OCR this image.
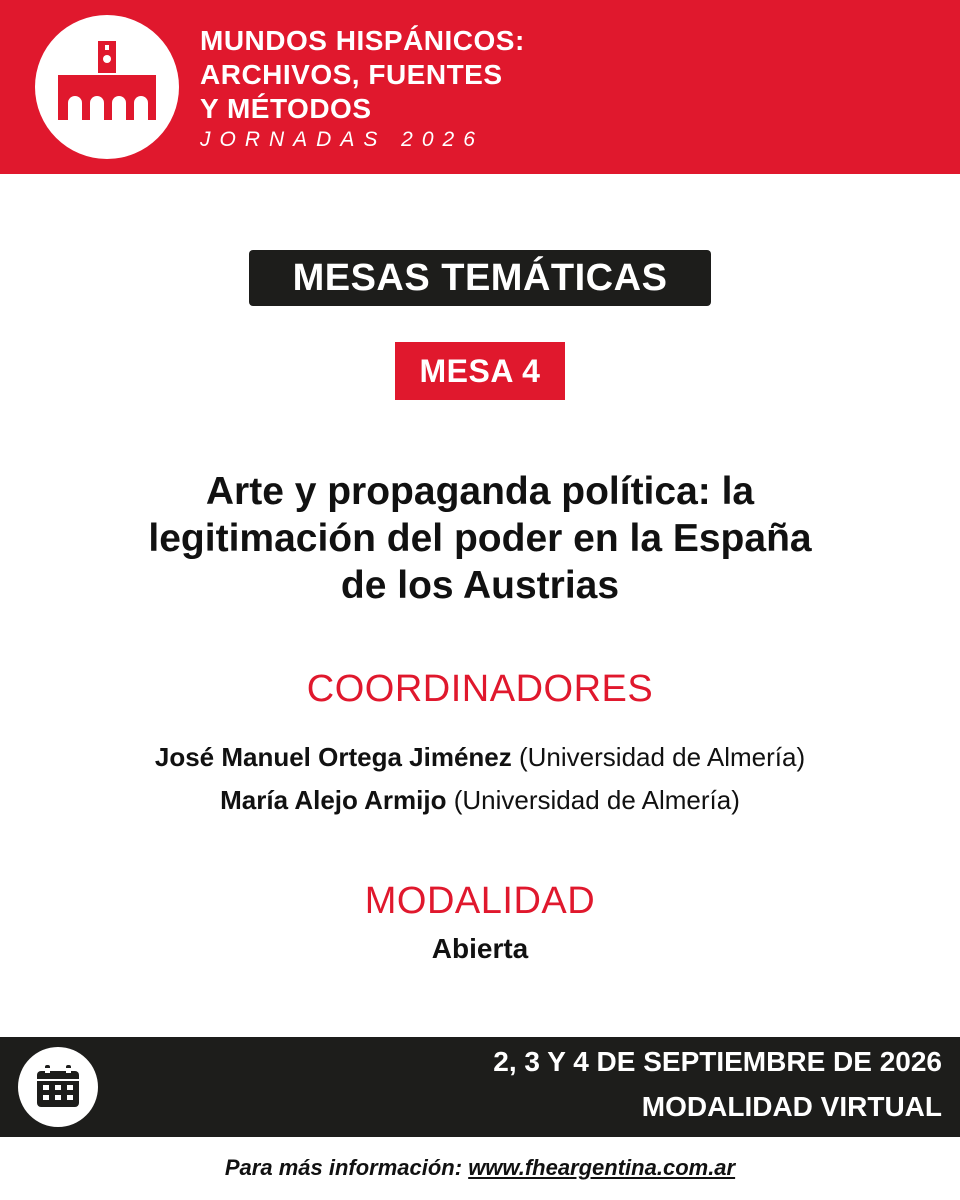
MUNDOS HISPÁNICOS:
ARCHIVOS, FUENTES
Y MÉTODOS
JORNADAS 2026
MESAS TEMÁTICAS
MESA 4
Arte y propaganda política: la
legitimación del poder en la España
de los Austrias
COORDINADORES
José Manuel Ortega Jiménez (Universidad de Almería)
María Alejo Armijo (Universidad de Almería)
MODALIDAD
Abierta
2, 3 Y 4 DE SEPTIEMBRE DE 2026
MODALIDAD VIRTUAL
Para más información: www.fheargentina.com.ar
